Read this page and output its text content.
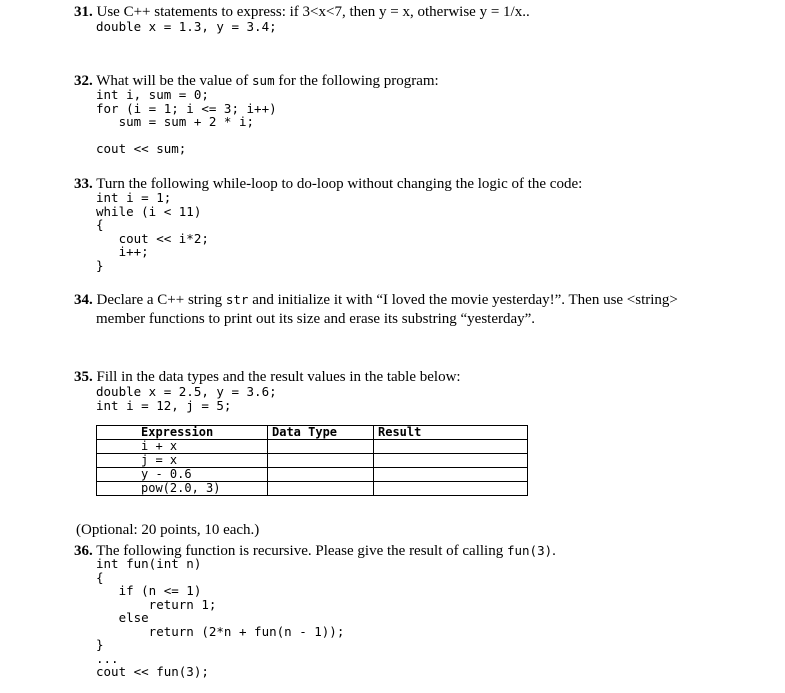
31. Use C++ statements to express: if 3<x<7, then y = x, otherwise y = 1/x..
double x = 1.3, y = 3.4;
32. What will be the value of sum for the following program:
int i, sum = 0;
for (i = 1; i <= 3; i++)
sum = sum + 2 * i;

cout << sum;
33. Turn the following while-loop to do-loop without changing the logic of the code:
int i = 1;
while (i < 11)
{
cout << i*2;
i++;
}
34. Declare a C++ string str and initialize it with “I loved the movie yesterday!”. Then use <string>
member functions to print out its size and erase its substring “yesterday”.
35. Fill in the data types and the result values in the table below:
double x = 2.5, y = 3.6;
int i = 12, j = 5;
Expression	Data Type	Result
i + x		
j = x		
y - 0.6		
pow(2.0, 3)		
(Optional: 20 points, 10 each.)
36. The following function is recursive. Please give the result of calling fun(3).
int fun(int n)
{
if (n <= 1)
return 1;
else
return (2*n + fun(n - 1));
}
...
cout << fun(3);
